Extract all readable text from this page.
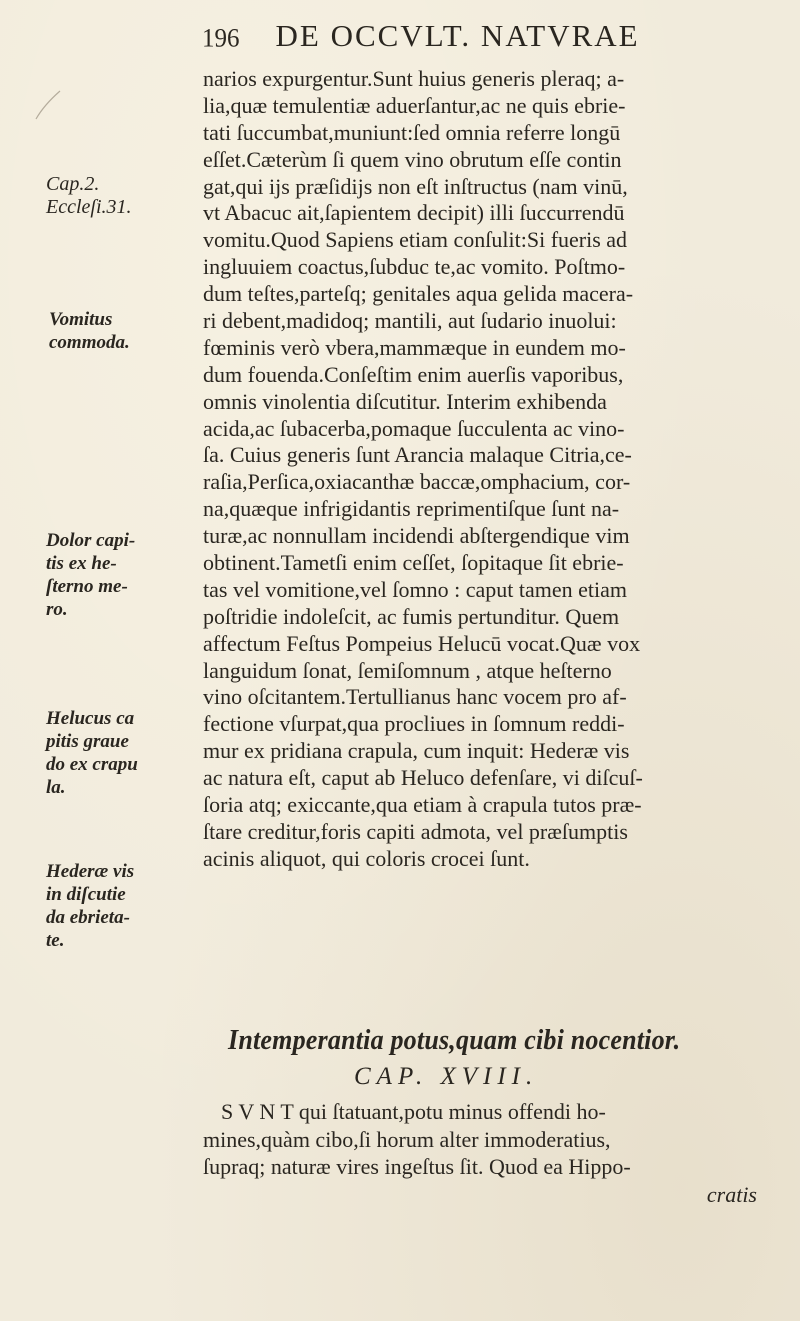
196 DE OCCVLT. NATVRAE
narios expurgentur.Sunt huius generis pleraq; a-
lia,quæ temulentiæ aduerſantur,ac ne quis ebrie-
tati ſuccumbat,muniunt:ſed omnia referre longū
eſſet.Cæterùm ſi quem vino obrutum eſſe contin
gat,qui ijs præſidijs non eſt inſtructus (nam vinū,
vt Abacuc ait,ſapientem decipit) illi ſuccurrendū
vomitu.Quod Sapiens etiam conſulit:Si fueris ad
ingluuiem coactus,ſubduc te,ac vomito. Poſtmo-
dum teſtes,parteſq; genitales aqua gelida macera-
ri debent,madidoq; mantili, aut ſudario inuolui:
fœminis verò vbera,mammæque in eundem mo-
dum fouenda.Conſeſtim enim auerſis vaporibus,
omnis vinolentia diſcutitur. Interim exhibenda
acida,ac ſubacerba,pomaque ſucculenta ac vino-
ſa. Cuius generis ſunt Arancia malaque Citria,ce-
raſia,Perſica,oxiacanthæ baccæ,omphacium, cor-
na,quæque infrigidantis reprimentiſque ſunt na-
turæ,ac nonnullam incidendi abſtergendique vim
obtinent.Tametſi enim ceſſet, ſopitaque ſit ebrie-
tas vel vomitione,vel ſomno : caput tamen etiam
poſtridie indoleſcit, ac fumis pertunditur. Quem
affectum Feſtus Pompeius Helucū vocat.Quæ vox
languidum ſonat, ſemiſomnum , atque heſterno
vino oſcitantem.Tertullianus hanc vocem pro af-
fectione vſurpat,qua procliues in ſomnum reddi-
mur ex pridiana crapula, cum inquit: Hederæ vis
ac natura eſt, caput ab Heluco defenſare, vi diſcuſ-
ſoria atq; exiccante,qua etiam à crapula tutos præ-
ſtare creditur,foris capiti admota, vel præſumptis
acinis aliquot, qui coloris crocei ſunt.
Cap.2.
Eccleſi.31.
Vomitus
commoda.
Dolor capi-
tis ex he-
ſterno me-
ro.
Helucus ca
pitis graue
do ex crapu
la.
Hederæ vis
in diſcutie
da ebrieta-
te.
Intemperantia potus,quam cibi nocentior.
CAP. XVIII.
S V N T qui ſtatuant,potu minus offendi ho-
mines,quàm cibo,ſi horum alter immoderatius,
ſupraq; naturæ vires ingeſtus ſit. Quod ea Hippo-
cratis
